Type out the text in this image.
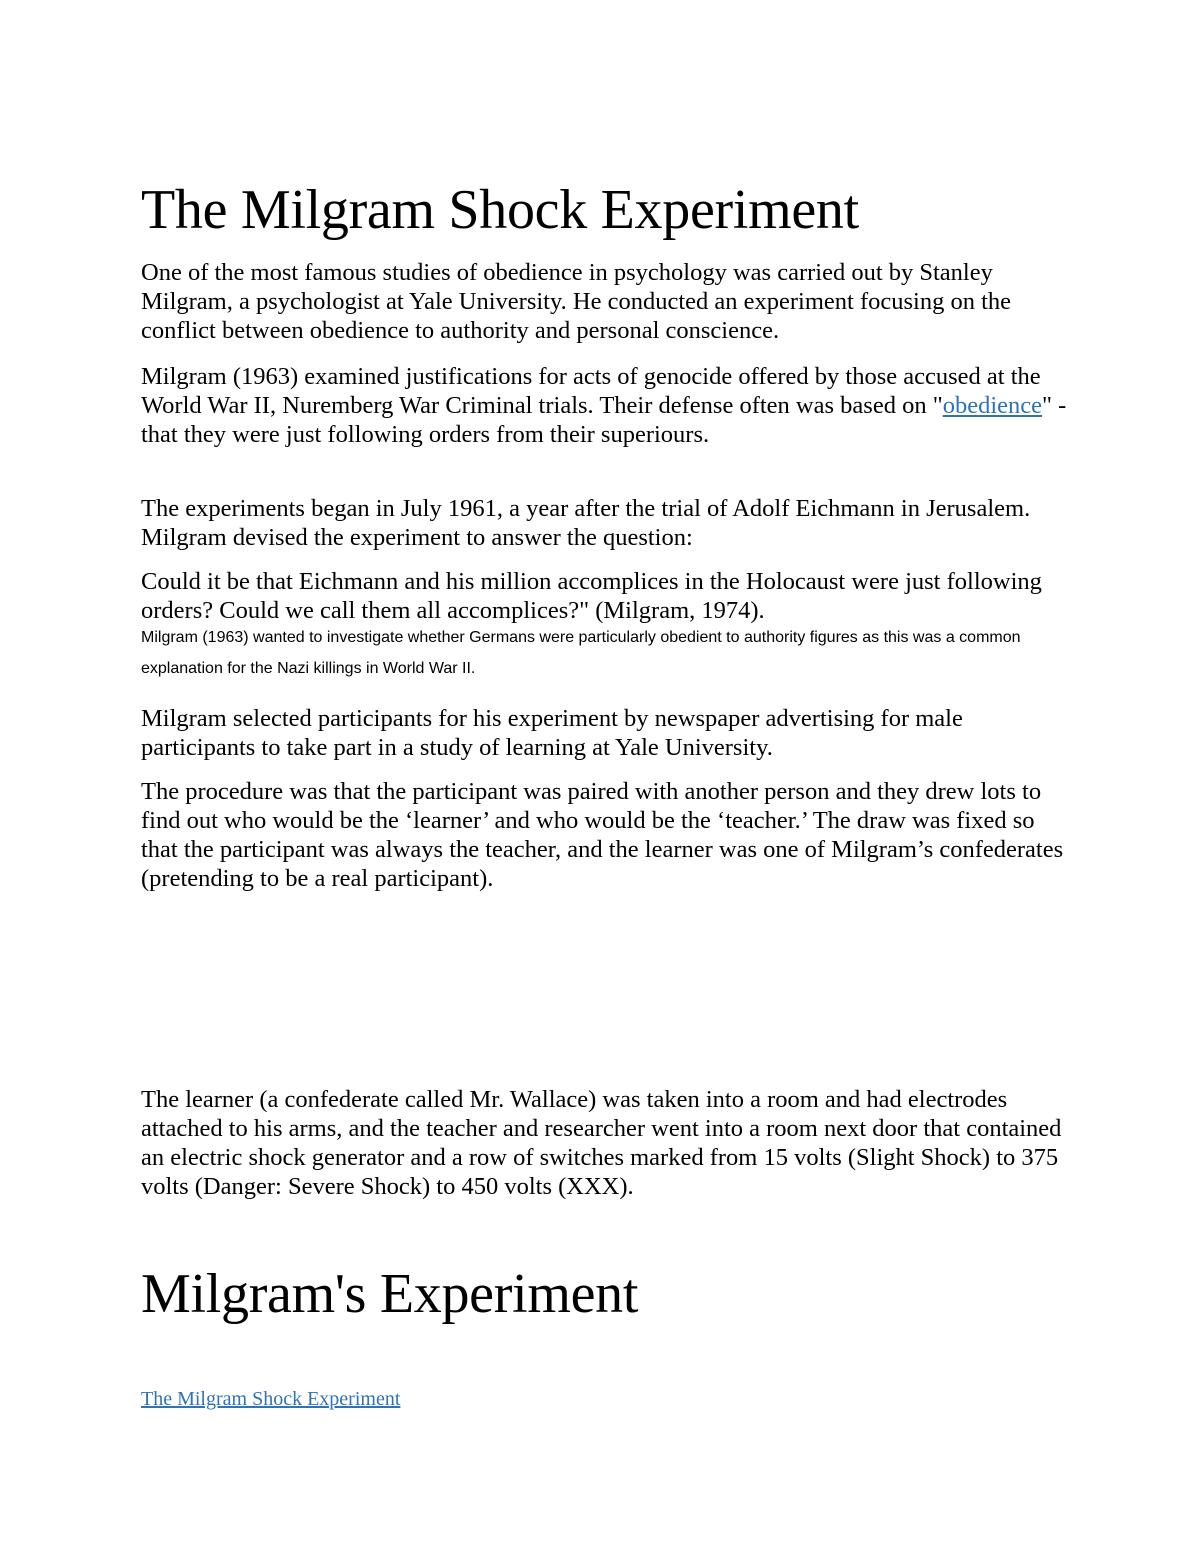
The Milgram Shock Experiment

One of the most famous studies of obedience in psychology was carried out by Stanley Milgram, a psychologist at Yale University. He conducted an experiment focusing on the conflict between obedience to authority and personal conscience.

Milgram (1963) examined justifications for acts of genocide offered by those accused at the World War II, Nuremberg War Criminal trials. Their defense often was based on "obedience" - that they were just following orders from their superiours.

The experiments began in July 1961, a year after the trial of Adolf Eichmann in Jerusalem. Milgram devised the experiment to answer the question:

Could it be that Eichmann and his million accomplices in the Holocaust were just following orders? Could we call them all accomplices?" (Milgram, 1974).

Milgram (1963) wanted to investigate whether Germans were particularly obedient to authority figures as this was a common explanation for the Nazi killings in World War II.

Milgram selected participants for his experiment by newspaper advertising for male participants to take part in a study of learning at Yale University.

The procedure was that the participant was paired with another person and they drew lots to find out who would be the ‘learner’ and who would be the ‘teacher.’ The draw was fixed so that the participant was always the teacher, and the learner was one of Milgram’s confederates (pretending to be a real participant).

The learner (a confederate called Mr. Wallace) was taken into a room and had electrodes attached to his arms, and the teacher and researcher went into a room next door that contained an electric shock generator and a row of switches marked from 15 volts (Slight Shock) to 375 volts (Danger: Severe Shock) to 450 volts (XXX).

Milgram's Experiment

The Milgram Shock Experiment
